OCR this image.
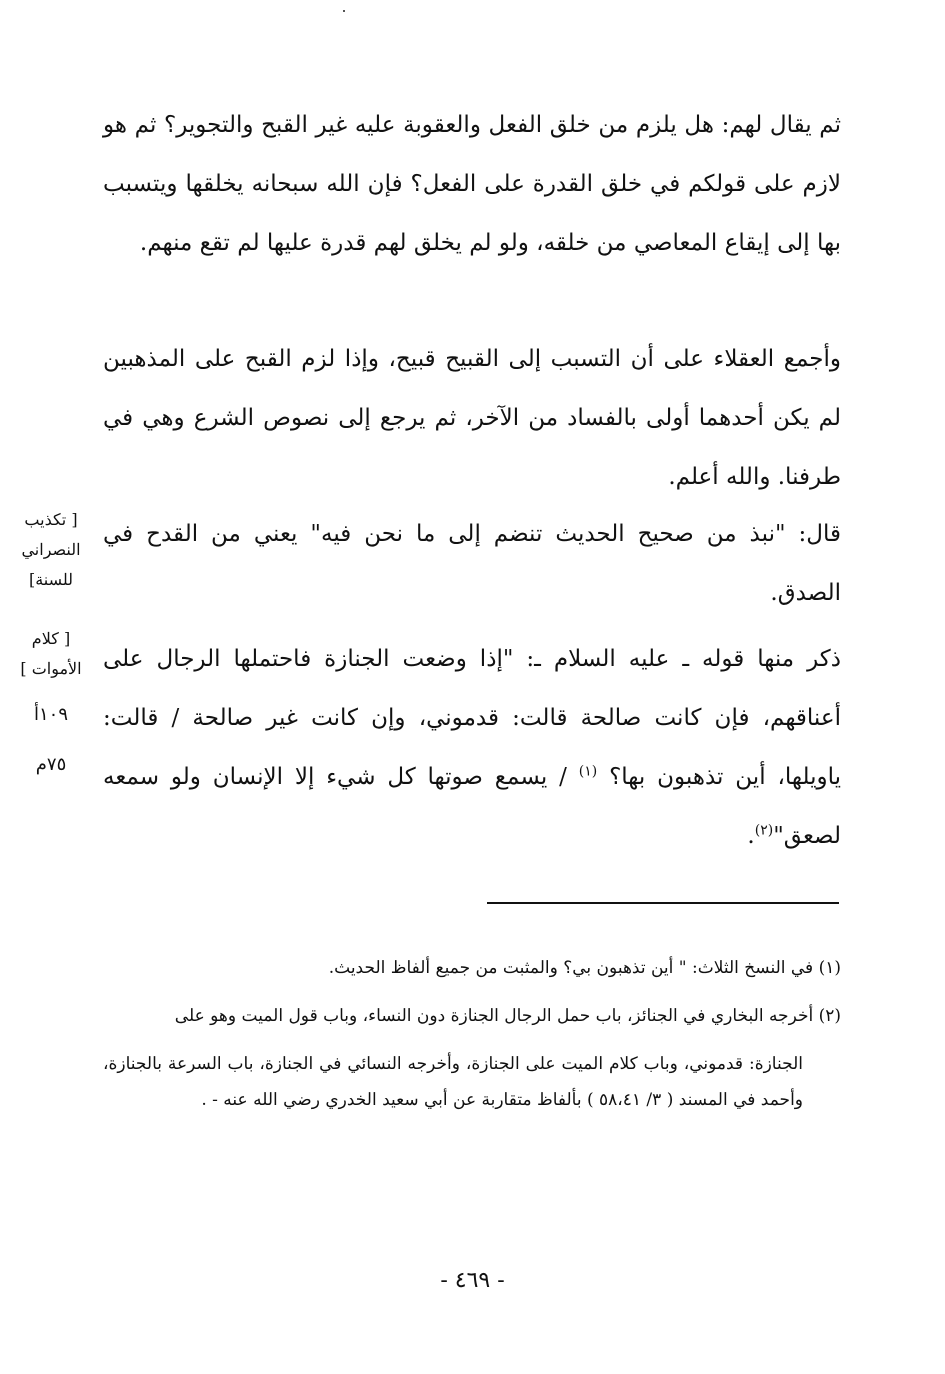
ثم يقال لهم: هل يلزم من خلق الفعل والعقوبة عليه غير القبح والتجوير؟ ثم هو لازم على قولكم في خلق القدرة على الفعل؟ فإن الله سبحانه يخلقها ويتسبب بها إلى إيقاع المعاصي من خلقه، ولو لم يخلق لهم قدرة عليها لم تقع منهم.

وأجمع العقلاء على أن التسبب إلى القبيح قبيح، وإذا لزم القبح على المذهبين لم يكن أحدهما أولى بالفساد من الآخر، ثم يرجع إلى نصوص الشرع وهي في طرفنا. والله أعلم.

قال: "نبذ من صحيح الحديث تنضم إلى ما نحن فيه" يعني من القدح في الصدق.

ذكر منها قوله ـ عليه السلام ـ: "إذا وضعت الجنازة فاحتملها الرجال على أعناقهم، فإن كانت صالحة قالت: قدموني، وإن كانت غير صالحة / قالت: ياويلها، أين تذهبون بها؟ $^{(١)}$ / يسمع صوتها كل شيء إلا الإنسان ولو سمعه لصعق"$^{(٢)}$.

[ تكذيب النصراني للسنة]
[ كلام الأموات ]
١٠٩أ
٧٥م

(١) في النسخ الثلاث: " أين تذهبون بي؟ والمثبت من جميع ألفاظ الحديث.

(٢) أخرجه البخاري في الجنائز، باب حمل الرجال الجنازة دون النساء، وباب قول الميت وهو على

الجنازة: قدموني، وباب كلام الميت على الجنازة، وأخرجه النسائي في الجنازة، باب السرعة بالجنازة، وأحمد في المسند ( ٣/ ٥٨،٤١ ) بألفاظ متقاربة عن أبي سعيد الخدري رضي الله عنه - .

- ٤٦٩ -
